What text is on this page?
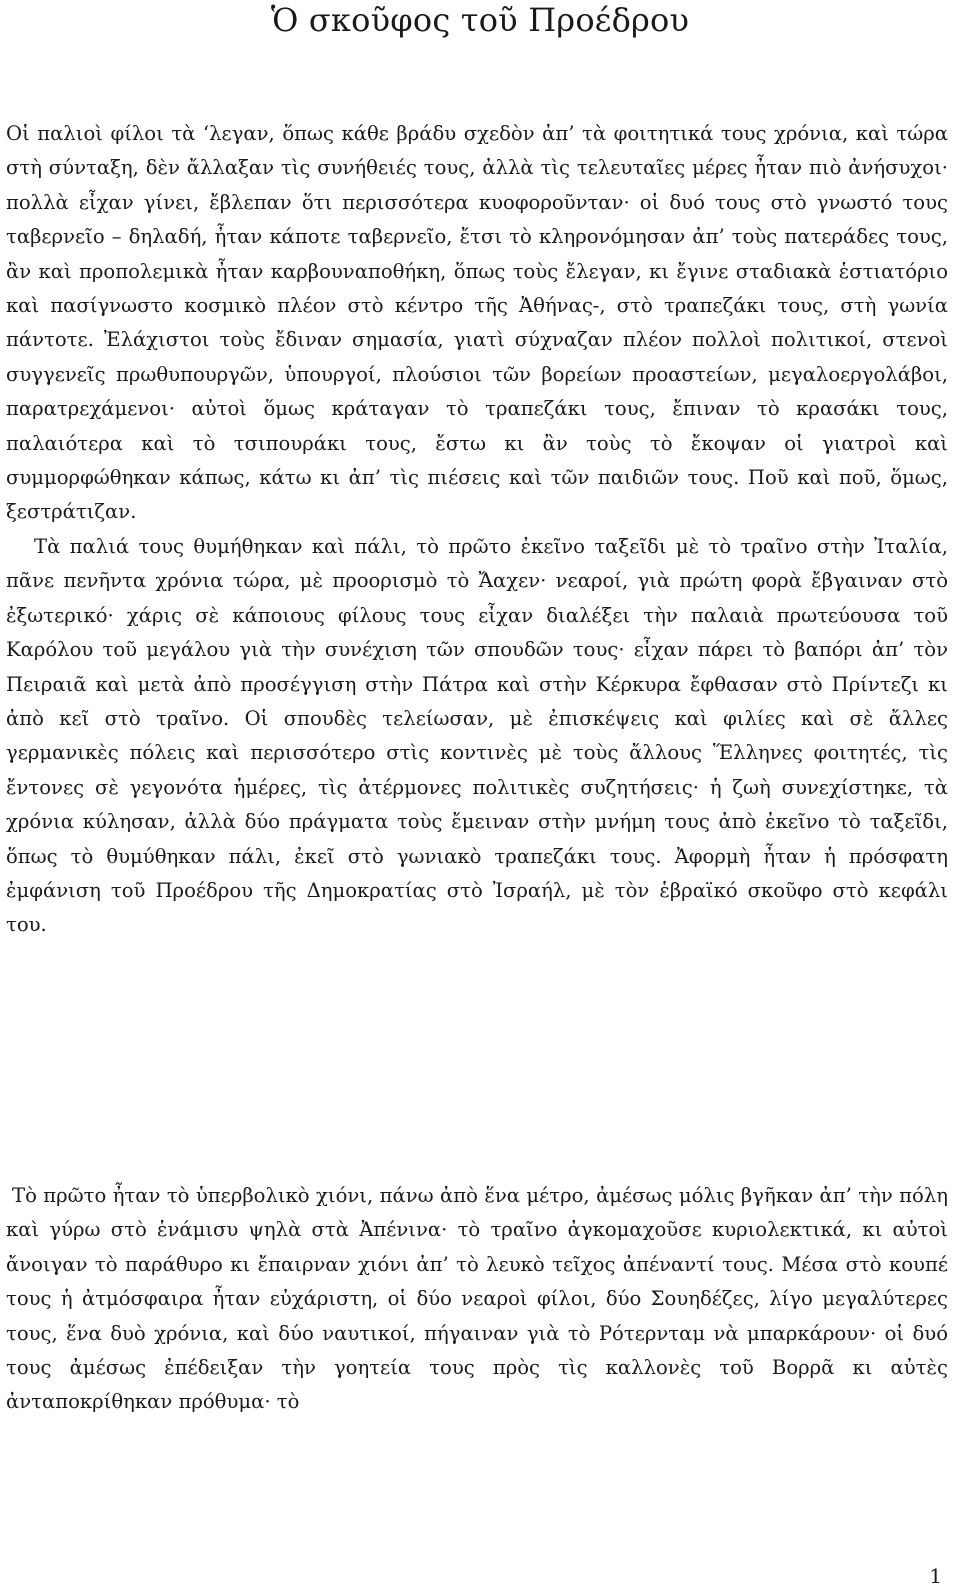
Ὁ σκοῦφος τοῦ Προέδρου

Οἱ παλιοὶ φίλοι τὰ ‘λεγαν, ὅπως κάθε βράδυ σχεδὸν ἀπ’ τὰ φοιτητικά τους χρόνια, καὶ τώρα στὴ σύνταξη, δὲν ἄλλαξαν τὶς συνήθειές τους, ἀλλὰ τὶς τελευταῖες μέρες ἦταν πιὸ ἀνήσυχοι· πολλὰ εἶχαν γίνει, ἔβλεπαν ὅτι περισσότερα κυοφοροῦνταν· οἱ δυό τους στὸ γνωστό τους ταβερνεῖο – δηλαδή, ἦταν κάποτε ταβερνεῖο, ἔτσι τὸ κληρονόμησαν ἀπ’ τοὺς πατεράδες τους, ἂν καὶ προπολεμικὰ ἦταν καρβουναποθήκη, ὅπως τοὺς ἔλεγαν, κι ἔγινε σταδιακὰ ἑστιατόριο καὶ πασίγνωστο κοσμικὸ πλέον στὸ κέντρο τῆς Ἀθήνας-, στὸ τραπεζάκι τους, στὴ γωνία πάντοτε. Ἐλάχιστοι τοὺς ἔδιναν σημασία, γιατὶ σύχναζαν πλέον πολλοὶ πολιτικοί, στενοὶ συγγενεῖς πρωθυπουργῶν, ὑπουργοί, πλούσιοι τῶν βορείων προαστείων, μεγαλοεργολάβοι, παρατρεχάμενοι· αὐτοὶ ὅμως κράταγαν τὸ τραπεζάκι τους, ἔπιναν τὸ κρασάκι τους, παλαιότερα καὶ τὸ τσιπουράκι τους, ἔστω κι ἂν τοὺς τὸ ἔκοψαν οἱ γιατροὶ καὶ συμμορφώθηκαν κάπως, κάτω κι ἀπ’ τὶς πιέσεις καὶ τῶν παιδιῶν τους. Ποῦ καὶ ποῦ, ὅμως, ξεστράτιζαν.

Τὰ παλιά τους θυμήθηκαν καὶ πάλι, τὸ πρῶτο ἐκεῖνο ταξεῖδι μὲ τὸ τραῖνο στὴν Ἰταλία, πᾶνε πενῆντα χρόνια τώρα, μὲ προορισμὸ τὸ Ἄαχεν· νεαροί, γιὰ πρώτη φορὰ ἔβγαιναν στὸ ἐξωτερικό· χάρις σὲ κάποιους φίλους τους εἶχαν διαλέξει τὴν παλαιὰ πρωτεύουσα τοῦ Καρόλου τοῦ μεγάλου γιὰ τὴν συνέχιση τῶν σπουδῶν τους· εἶχαν πάρει τὸ βαπόρι ἀπ’ τὸν Πειραιᾶ καὶ μετὰ ἀπὸ προσέγγιση στὴν Πάτρα καὶ στὴν Κέρκυρα ἔφθασαν στὸ Πρίντεζι κι ἀπὸ κεῖ στὸ τραῖνο. Οἱ σπουδὲς τελείωσαν, μὲ ἐπισκέψεις καὶ φιλίες καὶ σὲ ἄλλες γερμανικὲς πόλεις καὶ περισσότερο στὶς κοντινὲς μὲ τοὺς ἄλλους Ἕλληνες φοιτητές, τὶς ἔντονες σὲ γεγονότα ἡμέρες, τὶς ἀτέρμονες πολιτικὲς συζητήσεις· ἡ ζωὴ συνεχίστηκε, τὰ χρόνια κύλησαν, ἀλλὰ δύο πράγματα τοὺς ἔμειναν στὴν μνήμη τους ἀπὸ ἐκεῖνο τὸ ταξεῖδι, ὅπως τὸ θυμύθηκαν πάλι, ἐκεῖ στὸ γωνιακὸ τραπεζάκι τους. Ἀφορμὴ ἦταν ἡ πρόσφατη ἐμφάνιση τοῦ Προέδρου τῆς Δημοκρατίας στὸ Ἰσραήλ, μὲ τὸν ἑβραϊκό σκοῦφο στὸ κεφάλι του.

Τὸ πρῶτο ἦταν τὸ ὑπερβολικὸ χιόνι, πάνω ἀπὸ ἕνα μέτρο, ἀμέσως μόλις βγῆκαν ἀπ’ τὴν πόλη καὶ γύρω στὸ ἑνάμισυ ψηλὰ στὰ Ἀπένινα· τὸ τραῖνο ἀγκομαχοῦσε κυριολεκτικά, κι αὐτοὶ ἄνοιγαν τὸ παράθυρο κι ἔπαιρναν χιόνι ἀπ’ τὸ λευκὸ τεῖχος ἀπέναντί τους. Μέσα στὸ κουπέ τους ἡ ἀτμόσφαιρα ἦταν εὐχάριστη, οἱ δύο νεαροὶ φίλοι, δύο Σουηδέζες, λίγο μεγαλύτερες τους, ἕνα δυὸ χρόνια, καὶ δύο ναυτικοί, πήγαιναν γιὰ τὸ Ρότερνταμ νὰ μπαρκάρουν· οἱ δυό τους ἀμέσως ἐπέδειξαν τὴν γοητεία τους πρὸς τὶς καλλονὲς τοῦ Βορρᾶ κι αὐτὲς ἀνταποκρίθηκαν πρόθυμα· τὸ

1
